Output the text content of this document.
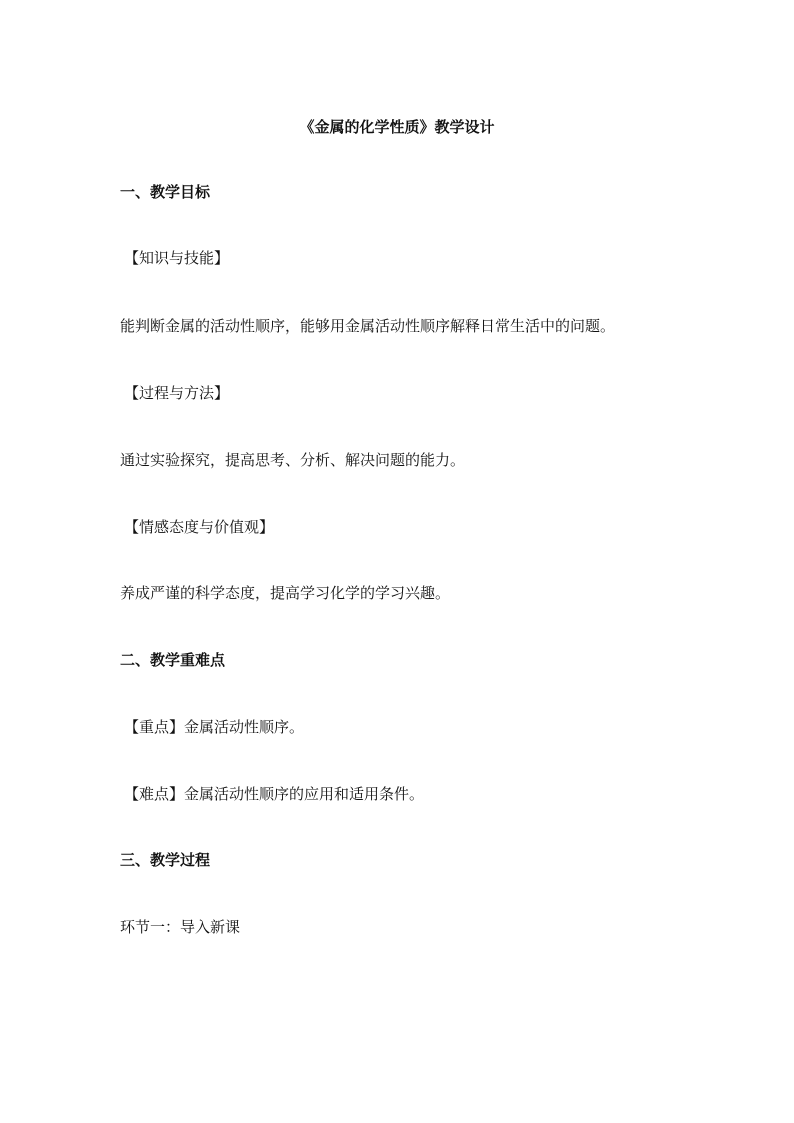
《金属的化学性质》教学设计
一、教学目标
【知识与技能】
能判断金属的活动性顺序，能够用金属活动性顺序解释日常生活中的问题。
【过程与方法】
通过实验探究，提高思考、分析、解决问题的能力。
【情感态度与价值观】
养成严谨的科学态度，提高学习化学的学习兴趣。
二、教学重难点
【重点】金属活动性顺序。
【难点】金属活动性顺序的应用和适用条件。
三、教学过程
环节一：导入新课
